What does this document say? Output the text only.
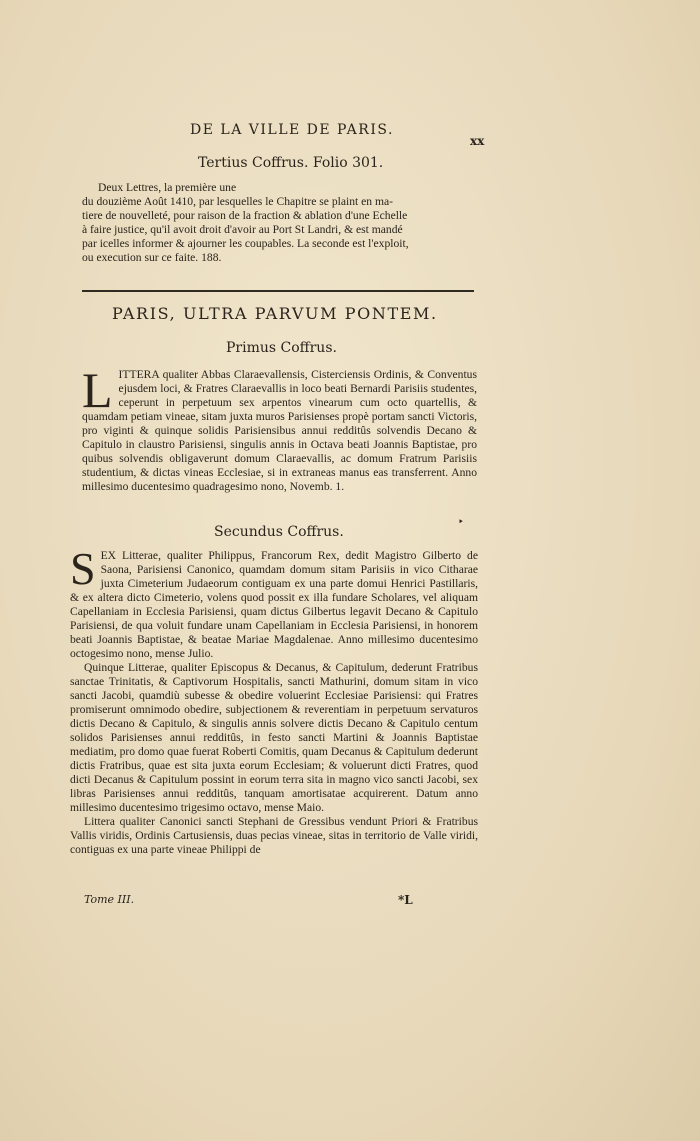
DE LA VILLE DE PARIS.
xx
Tertius Coffrus. Folio 301.
Deux Lettres, la première une
du douzième Août 1410, par lesquelles le Chapitre se plaint en ma-
tiere de nouvelleté, pour raison de la fraction & ablation d'une Echelle
à faire justice, qu'il avoit droit d'avoir au Port St Landri, & est mandé
par icelles informer & ajourner les coupables. La seconde est l'exploit,
ou execution sur ce faite. 188.
PARIS, ULTRA PARVUM PONTEM.
Primus Coffrus.
L ITTERA qualiter Abbas Claraevallensis, Cisterciensis Ordinis, & Conventus ejusdem loci, & Fratres Claraevallis in loco beati Bernardi Parisiis studentes, ceperunt in perpetuum sex arpentos vinearum cum octo quartellis, & quamdam petiam vineae, sitam juxta muros Parisienses propè portam sancti Victoris, pro viginti & quinque solidis Parisiensibus annui redditûs solvendis Decano & Capitulo in claustro Parisiensi, singulis annis in Octava beati Joannis Baptistae, pro quibus solvendis obligaverunt domum Claraevallis, ac domum Fratrum Parisiis studentium, & dictas vineas Ecclesiae, si in extraneas manus eas transferrent. Anno millesimo ducentesimo quadragesimo nono, Novemb. 1.
‣
Secundus Coffrus.

S EX Litterae, qualiter Philippus, Francorum Rex, dedit Magistro Gilberto de Saona, Parisiensi Canonico, quamdam domum sitam Parisiis in vico Citharae juxta Cimeterium Judaeorum contiguam ex una parte domui Henrici Pastillaris, & ex altera dicto Cimeterio, volens quod possit ex illa fundare Scholares, vel aliquam Capellaniam in Ecclesia Parisiensi, quam dictus Gilbertus legavit Decano & Capitulo Parisiensi, de qua voluit fundare unam Capellaniam in Ecclesia Parisiensi, in honorem beati Joannis Baptistae, & beatae Mariae Magdalenae. Anno millesimo ducentesimo octogesimo nono, mense Julio.

Quinque Litterae, qualiter Episcopus & Decanus, & Capitulum, dederunt Fratribus sanctae Trinitatis, & Captivorum Hospitalis, sancti Mathurini, domum sitam in vico sancti Jacobi, quamdiù subesse & obedire voluerint Ecclesiae Parisiensi: qui Fratres promiserunt omnimodo obedire, subjectionem & reverentiam in perpetuum servaturos dictis Decano & Capitulo, & singulis annis solvere dictis Decano & Capitulo centum solidos Parisienses annui redditûs, in festo sancti Martini & Joannis Baptistae mediatim, pro domo quae fuerat Roberti Comitis, quam Decanus & Capitulum dederunt dictis Fratribus, quae est sita juxta eorum Ecclesiam; & voluerunt dicti Fratres, quod dicti Decanus & Capitulum possint in eorum terra sita in magno vico sancti Jacobi, sex libras Parisienses annui redditûs, tanquam amortisatae acquirerent. Datum anno millesimo ducentesimo trigesimo octavo, mense Maio.

Littera qualiter Canonici sancti Stephani de Gressibus vendunt Priori & Fratribus Vallis viridis, Ordinis Cartusiensis, duas pecias vineae, sitas in territorio de Valle viridi, contiguas ex una parte vineae Philippi de

Tome III.	*L
